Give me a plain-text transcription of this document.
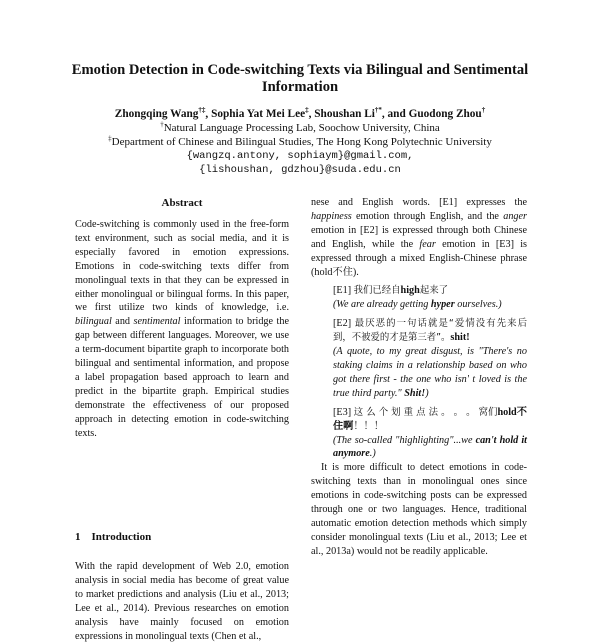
Emotion Detection in Code-switching Texts via Bilingual and Sentimental
Information
Zhongqing Wang†‡, Sophia Yat Mei Lee‡, Shoushan Li†*, and Guodong Zhou†
†Natural Language Processing Lab, Soochow University, China
‡Department of Chinese and Bilingual Studies, The Hong Kong Polytechnic University
{wangzq.antony, sophiaym}@gmail.com,
{lishoushan, gdzhou}@suda.edu.cn
Abstract

Code-switching is commonly used in the free-form text environment, such as social media, and it is especially favored in emotion expressions. Emotions in code-switching texts differ from monolingual texts in that they can be expressed in either monolingual or bilingual forms. In this paper, we first utilize two kinds of knowledge, i.e. bilingual and sentimental information to bridge the gap between different languages. Moreover, we use a term-document bipartite graph to incorporate both bilingual and sentimental information, and propose a label propagation based approach to learn and predict in the bipartite graph. Empirical studies demonstrate the effectiveness of our proposed approach in detecting emotion in code-switching texts.

1 Introduction

With the rapid development of Web 2.0, emotion analysis in social media has become of great value to market predictions and analysis (Liu et al., 2013; Lee et al., 2014). Previous researches on emotion analysis have mainly focused on emotion expressions in monolingual texts (Chen et al.,

nese and English words. [E1] expresses the happiness emotion through English, and the anger emotion in [E2] is expressed through both Chinese and English, while the fear emotion in [E3] is expressed through a mixed English-Chinese phrase (hold不住).

[E1] 我们已经自high起来了
(We are already getting hyper ourselves.)
[E2] 最厌恶的一句话就是“爱情没有先来后到，不被爱的才是第三者”。shit!
(A quote, to my great disgust, is "There's no staking claims in a relationship based on who got there first - the one who isn' t loved is the true third party." Shit!)
[E3] 这 么 个 划 重 点 法 。 。 。 窝们hold不住啊！！！
(The so-called "highlighting"...we can't hold it anymore.)

It is more difficult to detect emotions in code-switching texts than in monolingual ones since emotions in code-switching posts can be expressed through one or two languages. Hence, traditional automatic emotion detection methods which simply consider monolingual texts (Liu et al., 2013; Lee et al., 2013a) would not be readily applicable.
